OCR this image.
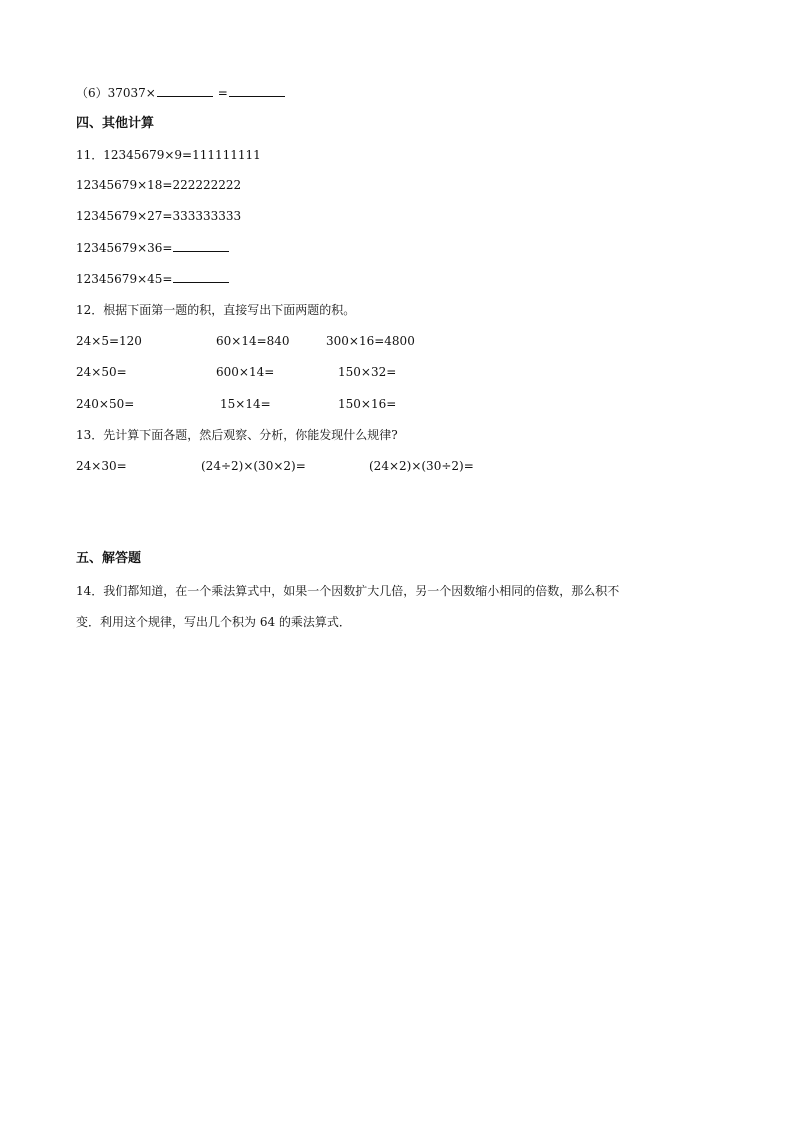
（6）37037×	=
四、其他计算
11．12345679×9=111111111
12345679×18=222222222
12345679×27=333333333
12345679×36=
12345679×45=
12．根据下面第一题的积，直接写出下面两题的积。
24×5=120	60×14=840	300×16=4800
24×50=	600×14=	150×32=
240×50=	15×14=	150×16=
13．先计算下面各题，然后观察、分析，你能发现什么规律?
24×30=	(24÷2)×(30×2)=	(24×2)×(30÷2)=
五、解答题
14．我们都知道，在一个乘法算式中，如果一个因数扩大几倍，另一个因数缩小相同的倍数，那么积不
变．利用这个规律，写出几个积为 64 的乘法算式．
